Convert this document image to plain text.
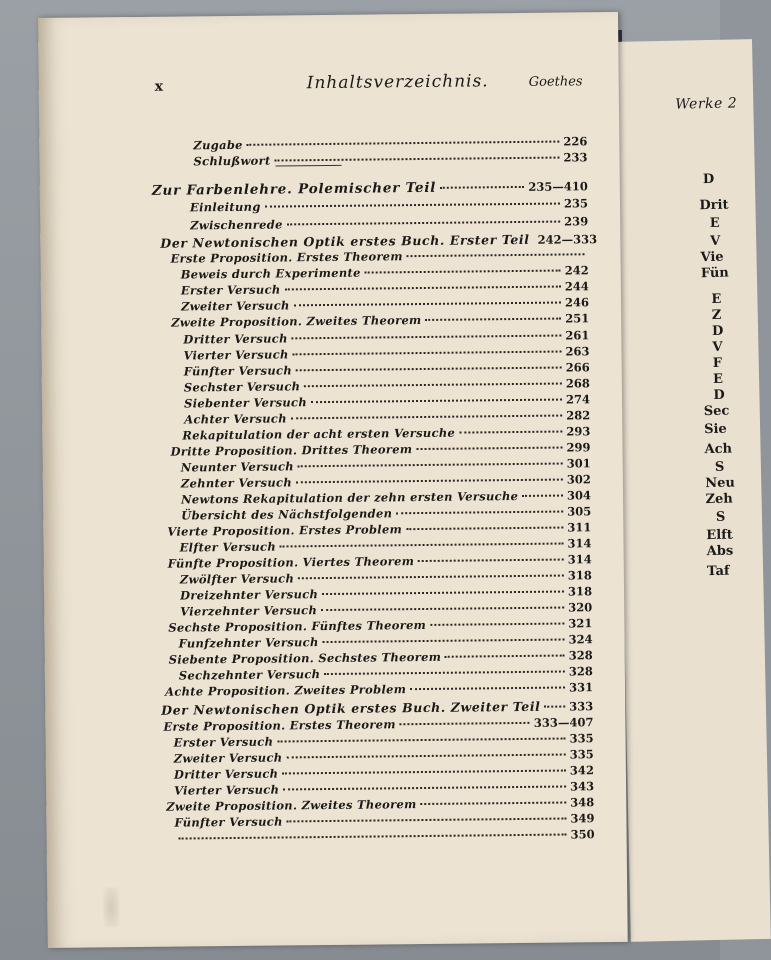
Werke 2
D
Drit
E
V
Vie
Fün
E
Z
D
V
F
E
D
Sec
Sie
Ach
S
Neu
Zeh
S
Elft
Abs
Taf
x	Inhaltsverzeichnis.	Goethes
Zugabe	226
Schlußwort	233
Zur Farbenlehre. Polemischer Teil	235—410
Einleitung	235
Zwischenrede	239
Der Newtonischen Optik erstes Buch. Erster Teil 242—333
Erste Proposition. Erstes Theorem
Beweis durch Experimente	242
Erster Versuch	244
Zweiter Versuch	246
Zweite Proposition. Zweites Theorem	251
Dritter Versuch	261
Vierter Versuch	263
Fünfter Versuch	266
Sechster Versuch	268
Siebenter Versuch	274
Achter Versuch	282
Rekapitulation der acht ersten Versuche	293
Dritte Proposition. Drittes Theorem	299
Neunter Versuch	301
Zehnter Versuch	302
Newtons Rekapitulation der zehn ersten Versuche	304
Übersicht des Nächstfolgenden	305
Vierte Proposition. Erstes Problem	311
Elfter Versuch	314
Fünfte Proposition. Viertes Theorem	314
Zwölfter Versuch	318
Dreizehnter Versuch	318
Vierzehnter Versuch	320
Sechste Proposition. Fünftes Theorem	321
Funfzehnter Versuch	324
Siebente Proposition. Sechstes Theorem	328
Sechzehnter Versuch	328
Achte Proposition. Zweites Problem	331
Der Newtonischen Optik erstes Buch. Zweiter Teil 333
Erste Proposition. Erstes Theorem	333—407
Erster Versuch	335
Zweiter Versuch	335
Dritter Versuch	342
Vierter Versuch	343
Zweite Proposition. Zweites Theorem	348
Fünfter Versuch	349
350
